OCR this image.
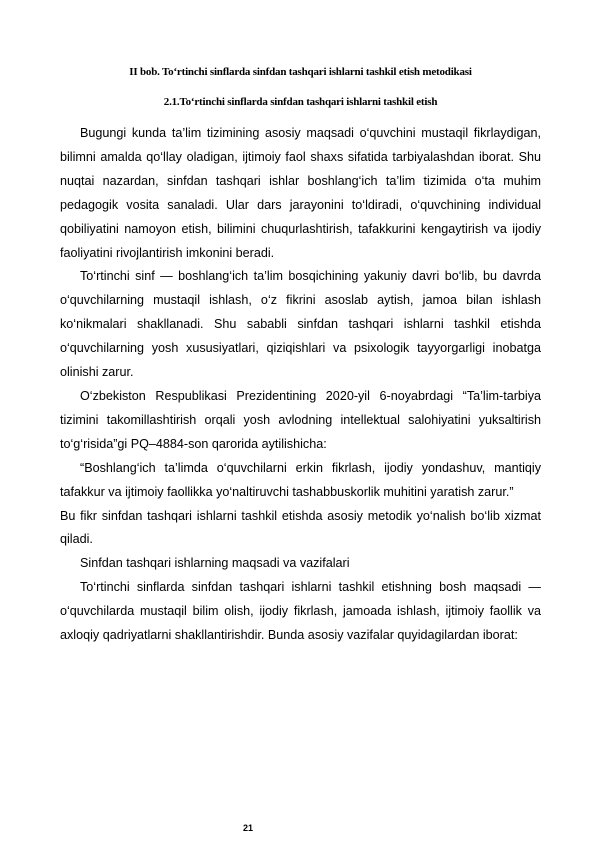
II bob. To‘rtinchi sinflarda sinfdan tashqari ishlarni tashkil etish metodikasi
2.1.To‘rtinchi sinflarda sinfdan tashqari ishlarni tashkil etish

Bugungi kunda ta’lim tizimining asosiy maqsadi o‘quvchini mustaqil fikrlaydigan, bilimni amalda qo‘llay oladigan, ijtimoiy faol shaxs sifatida tarbiyalashdan iborat. Shu nuqtai nazardan, sinfdan tashqari ishlar boshlang‘ich ta’lim tizimida o‘ta muhim pedagogik vosita sanaladi. Ular dars jarayonini to‘ldiradi, o‘quvchining individual qobiliyatini namoyon etish, bilimini chuqurlashtirish, tafakkurini kengaytirish va ijodiy faoliyatini rivojlantirish imkonini beradi.

To‘rtinchi sinf — boshlang‘ich ta’lim bosqichining yakuniy davri bo‘lib, bu davrda o‘quvchilarning mustaqil ishlash, o‘z fikrini asoslab aytish, jamoa bilan ishlash ko‘nikmalari shakllanadi. Shu sababli sinfdan tashqari ishlarni tashkil etishda o‘quvchilarning yosh xususiyatlari, qiziqishlari va psixologik tayyorgarligi inobatga olinishi zarur.

O‘zbekiston Respublikasi Prezidentining 2020-yil 6-noyabrdagi “Ta’lim-tarbiya tizimini takomillashtirish orqali yosh avlodning intellektual salohiyatini yuksaltirish to‘g‘risida”gi PQ–4884-son qarorida aytilishicha:

“Boshlang‘ich ta’limda o‘quvchilarni erkin fikrlash, ijodiy yondashuv, mantiqiy tafakkur va ijtimoiy faollikka yo‘naltiruvchi tashabbuskorlik muhitini yaratish zarur.”

Bu fikr sinfdan tashqari ishlarni tashkil etishda asosiy metodik yo‘nalish bo‘lib xizmat qiladi.

Sinfdan tashqari ishlarning maqsadi va vazifalari

To‘rtinchi sinflarda sinfdan tashqari ishlarni tashkil etishning bosh maqsadi — o‘quvchilarda mustaqil bilim olish, ijodiy fikrlash, jamoada ishlash, ijtimoiy faollik va axloqiy qadriyatlarni shakllantirishdir. Bunda asosiy vazifalar quyidagilardan iborat:

21
